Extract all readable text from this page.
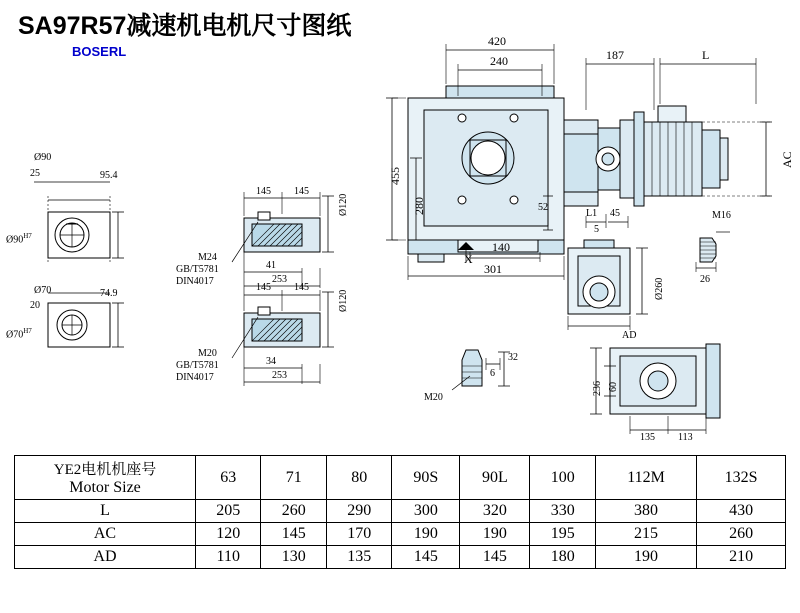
SA97R57减速机电机尺寸图纸
BOSERL
Ø90
25	95.4
$Ø90^{H7}$
Ø70
20
74.9
$Ø70^{H7}$
145 145
Ø120
M24
GB/T5781
DIN4017
41
253
145 145
Ø120
M20
GB/T5781
DIN4017
34
253
420
240
455
280
301
140
52
X
187	L
AC
L1 45
5
M16
26
Ø260
AD
236 60
135 113
32
6
M20
YE2电机机座号
Motor Size	63	71	80	90S	90L	100	112M	132S
L	205	260	290	300	320	330	380	430
AC	120	145	170	190	190	195	215	260
AD	110	130	135	145	145	180	190	210
